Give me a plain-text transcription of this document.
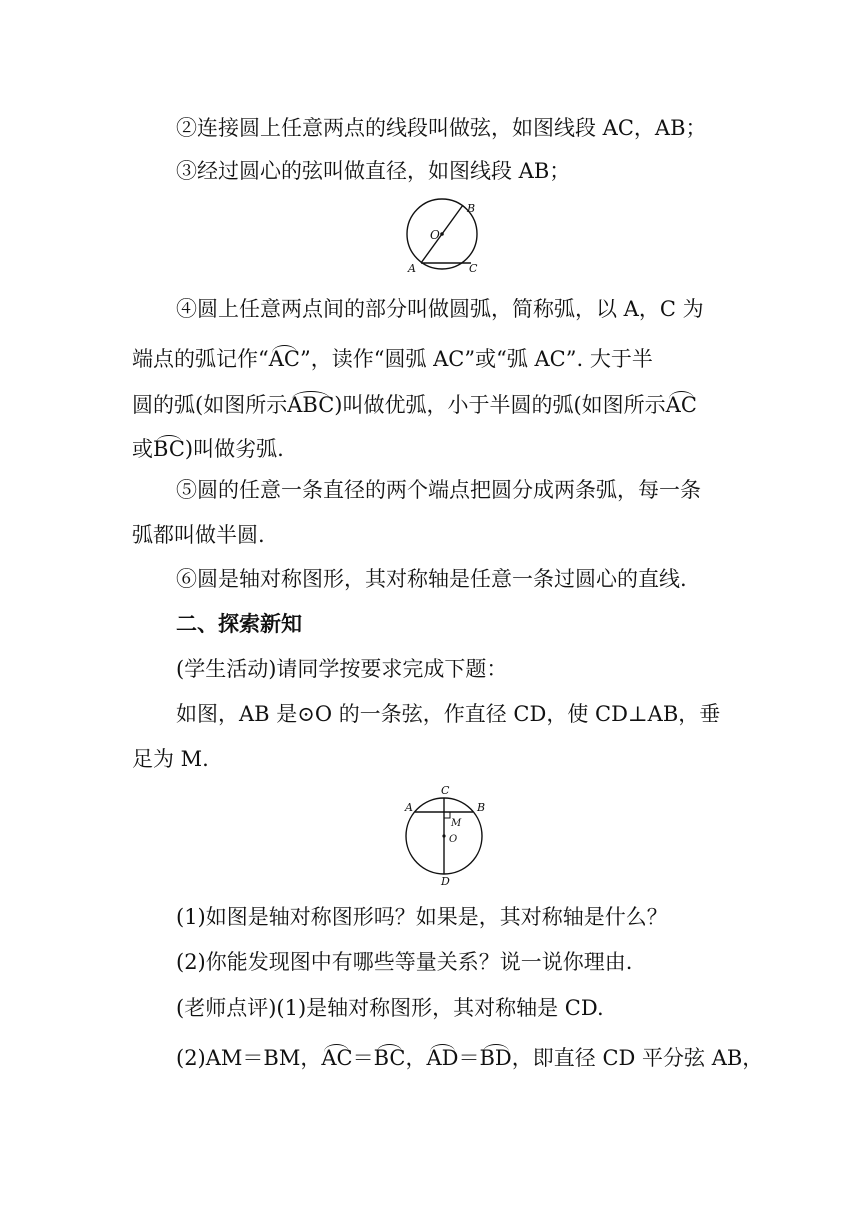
②连接圆上任意两点的线段叫做弦，如图线段 AC，AB；
③经过圆心的弦叫做直径，如图线段 AB；
O
B
A	C
④圆上任意两点间的部分叫做圆弧，简称弧，以 A，C 为
端点的弧记作“AC”，读作“圆弧 AC”或“弧 AC”. 大于半
圆的弧(如图所示ABC)叫做优弧，小于半圆的弧(如图所示AC
或BC)叫做劣弧.
⑤圆的任意一条直径的两个端点把圆分成两条弧，每一条
弧都叫做半圆.
⑥圆是轴对称图形，其对称轴是任意一条过圆心的直线.
二、探索新知
(学生活动)请同学按要求完成下题：
如图，AB 是⊙O 的一条弦，作直径 CD，使 CD⊥AB，垂
足为 M.
C
A	B
M
O
D
(1)如图是轴对称图形吗？如果是，其对称轴是什么？
(2)你能发现图中有哪些等量关系？说一说你理由.
(老师点评)(1)是轴对称图形，其对称轴是 CD.
(2)AM＝BM，AC＝BC，AD＝BD，即直径 CD 平分弦 AB，
